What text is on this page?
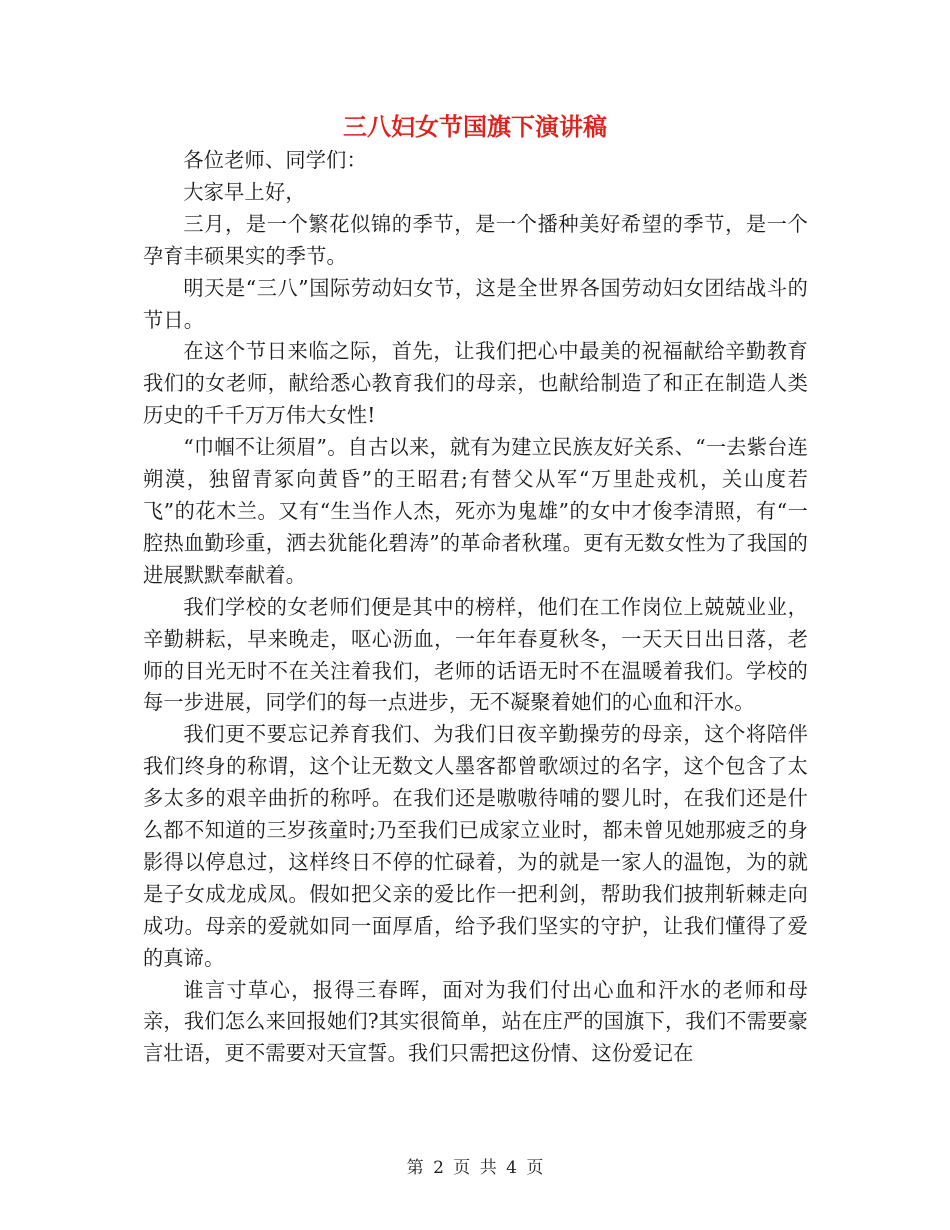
三八妇女节国旗下演讲稿

各位老师、同学们：

大家早上好，

三月，是一个繁花似锦的季节，是一个播种美好希望的季节，是一个孕育丰硕果实的季节。

明天是“三八”国际劳动妇女节，这是全世界各国劳动妇女团结战斗的节日。

在这个节日来临之际，首先，让我们把心中最美的祝福献给辛勤教育我们的女老师，献给悉心教育我们的母亲，也献给制造了和正在制造人类历史的千千万万伟大女性!

“巾帼不让须眉”。自古以来，就有为建立民族友好关系、“一去紫台连朔漠，独留青冢向黄昏”的王昭君;有替父从军“万里赴戎机，关山度若飞”的花木兰。又有“生当作人杰，死亦为鬼雄”的女中才俊李清照，有“一腔热血勤珍重，洒去犹能化碧涛”的革命者秋瑾。更有无数女性为了我国的进展默默奉献着。

我们学校的女老师们便是其中的榜样，他们在工作岗位上兢兢业业，辛勤耕耘，早来晚走，呕心沥血，一年年春夏秋冬，一天天日出日落，老师的目光无时不在关注着我们，老师的话语无时不在温暖着我们。学校的每一步进展，同学们的每一点进步，无不凝聚着她们的心血和汗水。

我们更不要忘记养育我们、为我们日夜辛勤操劳的母亲，这个将陪伴我们终身的称谓，这个让无数文人墨客都曾歌颂过的名字，这个包含了太多太多的艰辛曲折的称呼。在我们还是嗷嗷待哺的婴儿时，在我们还是什么都不知道的三岁孩童时;乃至我们已成家立业时，都未曾见她那疲乏的身影得以停息过，这样终日不停的忙碌着，为的就是一家人的温饱，为的就是子女成龙成凤。假如把父亲的爱比作一把利剑，帮助我们披荆斩棘走向成功。母亲的爱就如同一面厚盾，给予我们坚实的守护，让我们懂得了爱的真谛。

谁言寸草心，报得三春晖，面对为我们付出心血和汗水的老师和母亲，我们怎么来回报她们?其实很简单，站在庄严的国旗下，我们不需要豪言壮语，更不需要对天宣誓。我们只需把这份情、这份爱记在

第 2 页 共 4 页
